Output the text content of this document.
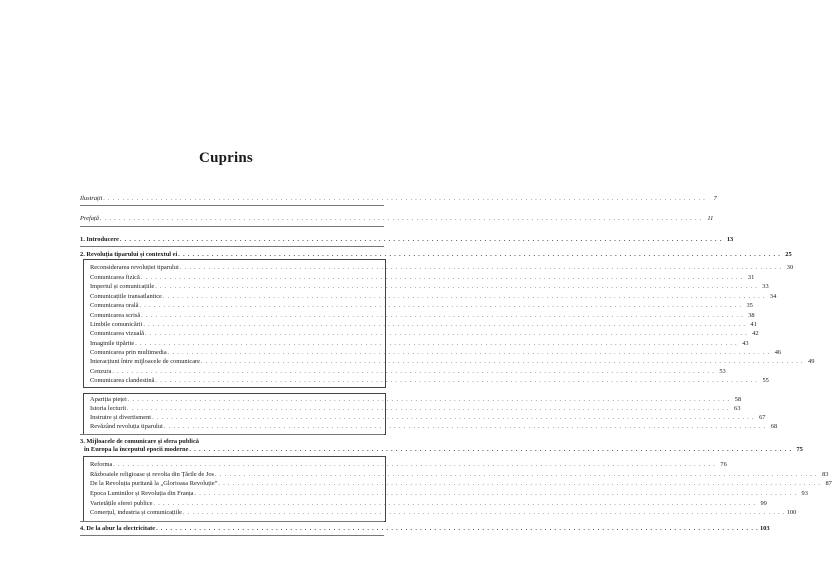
Cuprins
Ilustrații . . . . . . . . . . . . . . . . . . . . . . . . . . . . . . . . . . . . . . . . . . . . . . . . . . . . . . . . . . . . . . . . . . . . . . . . . . . . . . . . . . . . . . . . . . . . . . . . . . . . . . . . . . . . . . . . . . . . . . . . . . . . . .	7
Prefață . . . . . . . . . . . . . . . . . . . . . . . . . . . . . . . . . . . . . . . . . . . . . . . . . . . . . . . . . . . . . . . . . . . . . . . . . . . . . . . . . . . . . . . . . . . . . . . . . . . . . . . . . . . . . . . . . . . . . . . . . . . . . . 11
1. Introducere . . . . . . . . . . . . . . . . . . . . . . . . . . . . . . . . . . . . . . . . . . . . . . . . . . . . . . . . . . . . . . . . . . . . . . . . . . . . . . . . . . . . . . . . . . . . . . . . . . . . . . . . . . . . . . . . . . . . . . . . . . . . . . 13
2. Revoluția tiparului și contextul ei . . . . . . . . . . . . . . . . . . . . . . . . . . . . . . . . . . . . . . . . . . . . . . . . . . . . . . . . . . . . . . . . . . . . . . . . . . . . . . . . . . . . . . . . . . . . . . . . . . . . . . . . . . . . . . . . . . . . . . . . . . . . . . 25
Reconsiderarea revoluției tiparului . . . . . . . . . . . . . . . . . . . . . . . . . . . . . . . . . . . . . . . . . . . . . . . . . . . . . . . . . . . . . . . . . . . . . . . . . . . . . . . . . . . . . . . . . . . . . . . . . . . . . . . . . . . . . . . . . . . . . . . . . . . . . . 30
Comunicarea fizică . . . . . . . . . . . . . . . . . . . . . . . . . . . . . . . . . . . . . . . . . . . . . . . . . . . . . . . . . . . . . . . . . . . . . . . . . . . . . . . . . . . . . . . . . . . . . . . . . . . . . . . . . . . . . . . . . . . . . . . . . . . . . . 31
Imperiul și comunicațiile . . . . . . . . . . . . . . . . . . . . . . . . . . . . . . . . . . . . . . . . . . . . . . . . . . . . . . . . . . . . . . . . . . . . . . . . . . . . . . . . . . . . . . . . . . . . . . . . . . . . . . . . . . . . . . . . . . . . . . . . . . . . . . 33
Comunicațiile transatlantice . . . . . . . . . . . . . . . . . . . . . . . . . . . . . . . . . . . . . . . . . . . . . . . . . . . . . . . . . . . . . . . . . . . . . . . . . . . . . . . . . . . . . . . . . . . . . . . . . . . . . . . . . . . . . . . . . . . . . . . . . . . . . . 34
Comunicarea orală . . . . . . . . . . . . . . . . . . . . . . . . . . . . . . . . . . . . . . . . . . . . . . . . . . . . . . . . . . . . . . . . . . . . . . . . . . . . . . . . . . . . . . . . . . . . . . . . . . . . . . . . . . . . . . . . . . . . . . . . . . . . . . 35
Comunicarea scrisă . . . . . . . . . . . . . . . . . . . . . . . . . . . . . . . . . . . . . . . . . . . . . . . . . . . . . . . . . . . . . . . . . . . . . . . . . . . . . . . . . . . . . . . . . . . . . . . . . . . . . . . . . . . . . . . . . . . . . . . . . . . . . . 38
Limbile comunicării . . . . . . . . . . . . . . . . . . . . . . . . . . . . . . . . . . . . . . . . . . . . . . . . . . . . . . . . . . . . . . . . . . . . . . . . . . . . . . . . . . . . . . . . . . . . . . . . . . . . . . . . . . . . . . . . . . . . . . . . . . . . . . 41
Comunicarea vizuală . . . . . . . . . . . . . . . . . . . . . . . . . . . . . . . . . . . . . . . . . . . . . . . . . . . . . . . . . . . . . . . . . . . . . . . . . . . . . . . . . . . . . . . . . . . . . . . . . . . . . . . . . . . . . . . . . . . . . . . . . . . . . . 42
Imaginile tipărite . . . . . . . . . . . . . . . . . . . . . . . . . . . . . . . . . . . . . . . . . . . . . . . . . . . . . . . . . . . . . . . . . . . . . . . . . . . . . . . . . . . . . . . . . . . . . . . . . . . . . . . . . . . . . . . . . . . . . . . . . . . . . . 43
Comunicarea prin multimedia . . . . . . . . . . . . . . . . . . . . . . . . . . . . . . . . . . . . . . . . . . . . . . . . . . . . . . . . . . . . . . . . . . . . . . . . . . . . . . . . . . . . . . . . . . . . . . . . . . . . . . . . . . . . . . . . . . . . . . . . . . . . . . 46
Interacțiuni între mijloacele de comunicare . . . . . . . . . . . . . . . . . . . . . . . . . . . . . . . . . . . . . . . . . . . . . . . . . . . . . . . . . . . . . . . . . . . . . . . . . . . . . . . . . . . . . . . . . . . . . . . . . . . . . . . . . . . . . . . . . . . . . . . . . . . . . . 49
Cenzura . . . . . . . . . . . . . . . . . . . . . . . . . . . . . . . . . . . . . . . . . . . . . . . . . . . . . . . . . . . . . . . . . . . . . . . . . . . . . . . . . . . . . . . . . . . . . . . . . . . . . . . . . . . . . . . . . . . . . . . . . . . . . . 53
Comunicarea clandestină . . . . . . . . . . . . . . . . . . . . . . . . . . . . . . . . . . . . . . . . . . . . . . . . . . . . . . . . . . . . . . . . . . . . . . . . . . . . . . . . . . . . . . . . . . . . . . . . . . . . . . . . . . . . . . . . . . . . . . . . . . . . . . 55
Apariția pieței . . . . . . . . . . . . . . . . . . . . . . . . . . . . . . . . . . . . . . . . . . . . . . . . . . . . . . . . . . . . . . . . . . . . . . . . . . . . . . . . . . . . . . . . . . . . . . . . . . . . . . . . . . . . . . . . . . . . . . . . . . . . . . 58
Istoria lecturii . . . . . . . . . . . . . . . . . . . . . . . . . . . . . . . . . . . . . . . . . . . . . . . . . . . . . . . . . . . . . . . . . . . . . . . . . . . . . . . . . . . . . . . . . . . . . . . . . . . . . . . . . . . . . . . . . . . . . . . . . . . . . . 63
Instruire și divertisment . . . . . . . . . . . . . . . . . . . . . . . . . . . . . . . . . . . . . . . . . . . . . . . . . . . . . . . . . . . . . . . . . . . . . . . . . . . . . . . . . . . . . . . . . . . . . . . . . . . . . . . . . . . . . . . . . . . . . . . . . . . . . . 67
Revăzând revoluția tiparului . . . . . . . . . . . . . . . . . . . . . . . . . . . . . . . . . . . . . . . . . . . . . . . . . . . . . . . . . . . . . . . . . . . . . . . . . . . . . . . . . . . . . . . . . . . . . . . . . . . . . . . . . . . . . . . . . . . . . . . . . . . . . . 68
3. Mijloacele de comunicare și sfera publică
în Europa la începutul epocii moderne . . . . . . . . . . . . . . . . . . . . . . . . . . . . . . . . . . . . . . . . . . . . . . . . . . . . . . . . . . . . . . . . . . . . . . . . . . . . . . . . . . . . . . . . . . . . . . . . . . . . . . . . . . . . . . . . . . . . . . . . . . . . . . 75
Reforma . . . . . . . . . . . . . . . . . . . . . . . . . . . . . . . . . . . . . . . . . . . . . . . . . . . . . . . . . . . . . . . . . . . . . . . . . . . . . . . . . . . . . . . . . . . . . . . . . . . . . . . . . . . . . . . . . . . . . . . . . . . . . . 76
Războaiele religioase și revolta din Țările de Jos . . . . . . . . . . . . . . . . . . . . . . . . . . . . . . . . . . . . . . . . . . . . . . . . . . . . . . . . . . . . . . . . . . . . . . . . . . . . . . . . . . . . . . . . . . . . . . . . . . . . . . . . . . . . . . . . . . . . . . . . . . . . . . 83
De la Revoluția puritană la „Glorioasa Revoluție” . . . . . . . . . . . . . . . . . . . . . . . . . . . . . . . . . . . . . . . . . . . . . . . . . . . . . . . . . . . . . . . . . . . . . . . . . . . . . . . . . . . . . . . . . . . . . . . . . . . . . . . . . . . . . . . . . . . . . . . . . . . . . . 87
Epoca Luminilor și Revoluția din Franța . . . . . . . . . . . . . . . . . . . . . . . . . . . . . . . . . . . . . . . . . . . . . . . . . . . . . . . . . . . . . . . . . . . . . . . . . . . . . . . . . . . . . . . . . . . . . . . . . . . . . . . . . . . . . . . . . . . . . . . . . . . . . . 93
Varietățile sferei publice . . . . . . . . . . . . . . . . . . . . . . . . . . . . . . . . . . . . . . . . . . . . . . . . . . . . . . . . . . . . . . . . . . . . . . . . . . . . . . . . . . . . . . . . . . . . . . . . . . . . . . . . . . . . . . . . . . . . . . . . . . . . . . 99
Comerțul, industria și comunicațiile . . . . . . . . . . . . . . . . . . . . . . . . . . . . . . . . . . . . . . . . . . . . . . . . . . . . . . . . . . . . . . . . . . . . . . . . . . . . . . . . . . . . . . . . . . . . . . . . . . . . . . . . . . . . . . . . . . . . . . . . . . . . . . 100
4. De la abur la electricitate . . . . . . . . . . . . . . . . . . . . . . . . . . . . . . . . . . . . . . . . . . . . . . . . . . . . . . . . . . . . . . . . . . . . . . . . . . . . . . . . . . . . . . . . . . . . . . . . . . . . . . . . . . . . . . . . . . . . . . . . . . . . . . 103
